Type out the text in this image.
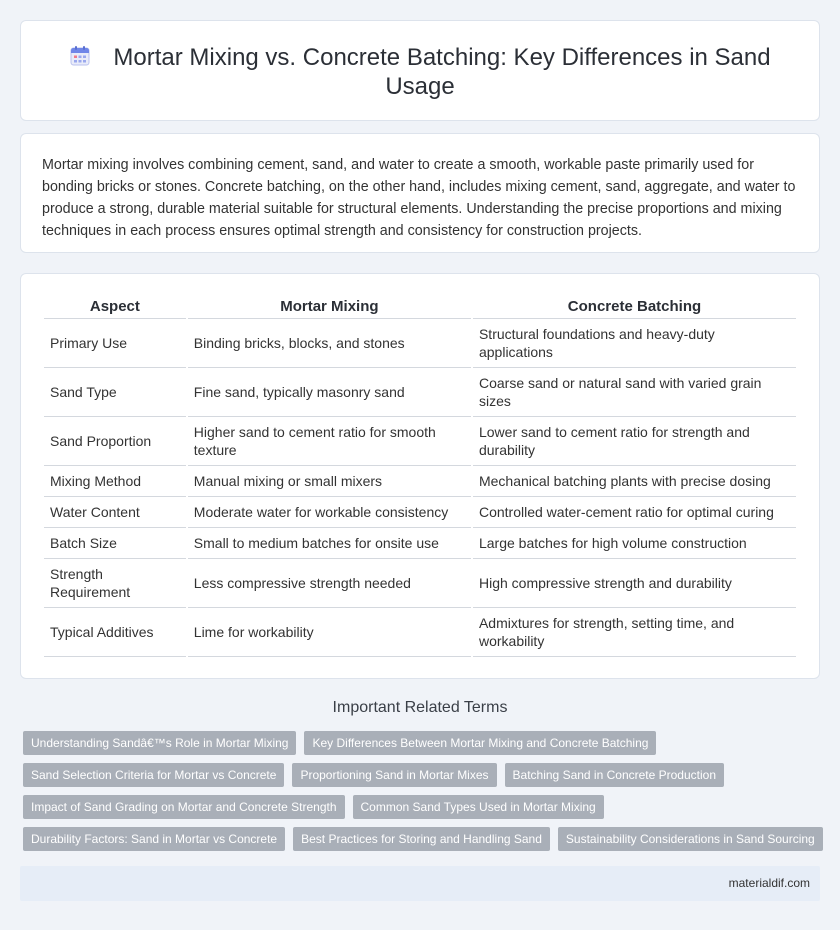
Mortar Mixing vs. Concrete Batching: Key Differences in Sand Usage

Mortar mixing involves combining cement, sand, and water to create a smooth, workable paste primarily used for bonding bricks or stones. Concrete batching, on the other hand, includes mixing cement, sand, aggregate, and water to produce a strong, durable material suitable for structural elements. Understanding the precise proportions and mixing techniques in each process ensures optimal strength and consistency for construction projects.

Aspect	Mortar Mixing	Concrete Batching
Primary Use	Binding bricks, blocks, and stones	Structural foundations and heavy-duty applications
Sand Type	Fine sand, typically masonry sand	Coarse sand or natural sand with varied grain sizes
Sand Proportion	Higher sand to cement ratio for smooth texture	Lower sand to cement ratio for strength and durability
Mixing Method	Manual mixing or small mixers	Mechanical batching plants with precise dosing
Water Content	Moderate water for workable consistency	Controlled water-cement ratio for optimal curing
Batch Size	Small to medium batches for onsite use	Large batches for high volume construction
Strength Requirement	Less compressive strength needed	High compressive strength and durability
Typical Additives	Lime for workability	Admixtures for strength, setting time, and workability
Important Related Terms
Understanding Sandâ€™s Role in Mortar Mixing	Key Differences Between Mortar Mixing and Concrete Batching
Sand Selection Criteria for Mortar vs Concrete	Proportioning Sand in Mortar Mixes	Batching Sand in Concrete Production
Impact of Sand Grading on Mortar and Concrete Strength	Common Sand Types Used in Mortar Mixing
Durability Factors: Sand in Mortar vs Concrete	Best Practices for Storing and Handling Sand	Sustainability Considerations in Sand Sourcing
materialdif.com
